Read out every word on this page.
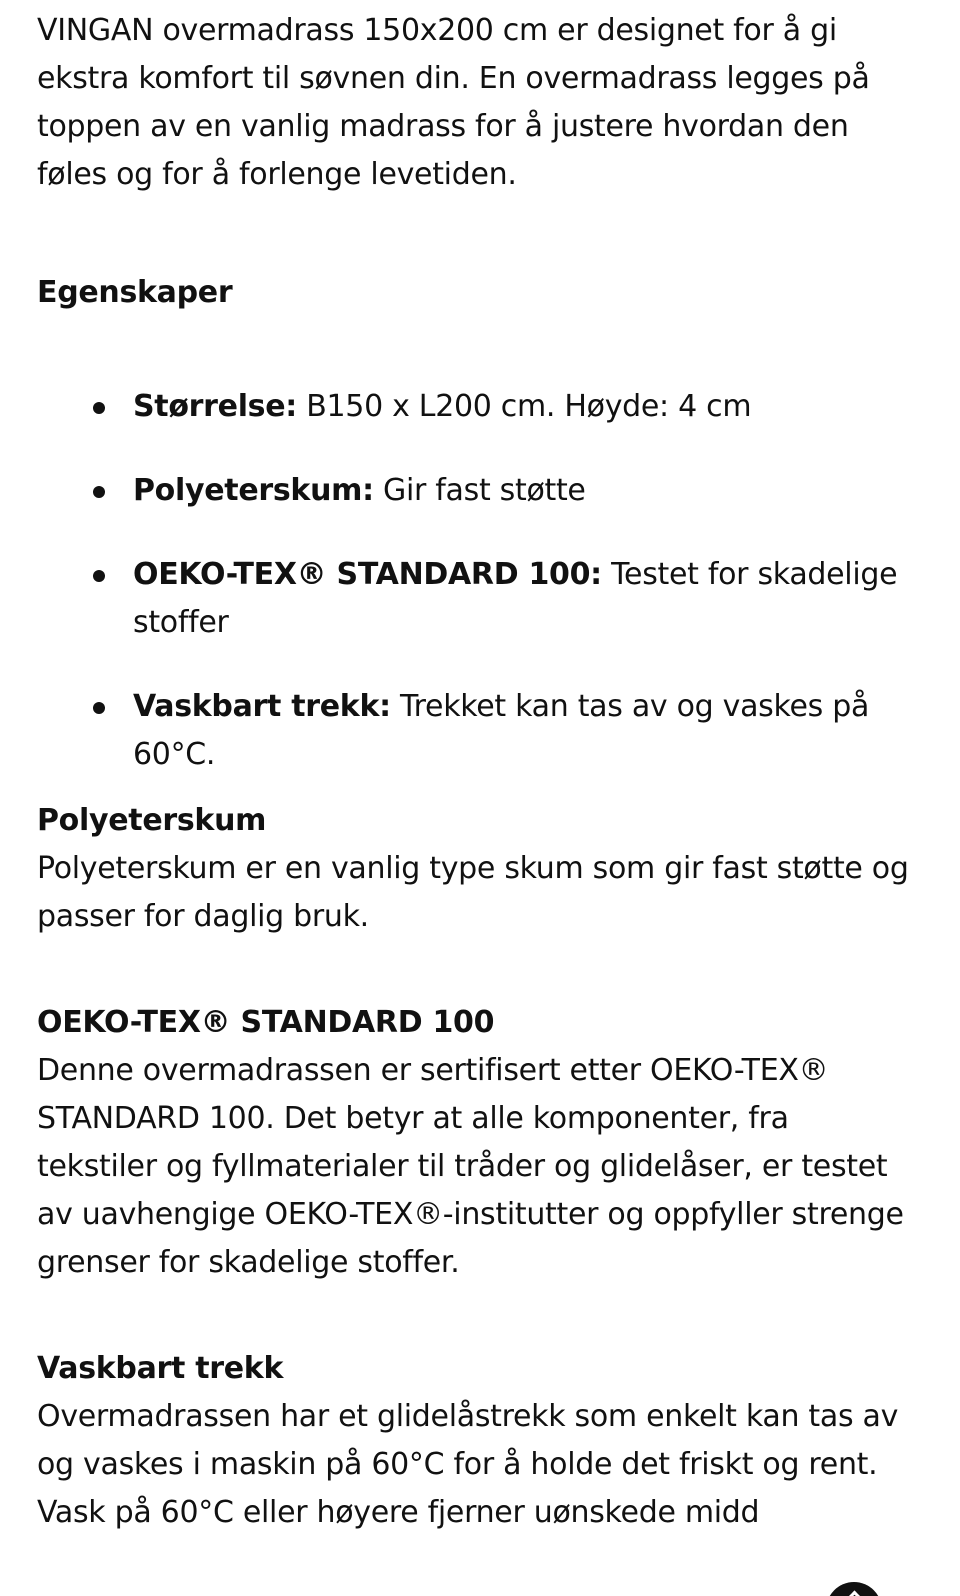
VINGAN overmadrass 150x200 cm er designet for å gi ekstra komfort til søvnen din. En overmadrass legges på toppen av en vanlig madrass for å justere hvordan den føles og for å forlenge levetiden.

Egenskaper
Størrelse: B150 x L200 cm. Høyde: 4 cm
Polyeterskum: Gir fast støtte
OEKO-TEX® STANDARD 100: Testet for skadelige stoffer
Vaskbart trekk: Trekket kan tas av og vaskes på 60°C.
Polyeterskum

Polyeterskum er en vanlig type skum som gir fast støtte og passer for daglig bruk.

OEKO-TEX® STANDARD 100

Denne overmadrassen er sertifisert etter OEKO-TEX® STANDARD 100. Det betyr at alle komponenter, fra tekstiler og fyllmaterialer til tråder og glidelåser, er testet av uavhengige OEKO-TEX®-institutter og oppfyller strenge grenser for skadelige stoffer.

Vaskbart trekk

Overmadrassen har et glidelåstrekk som enkelt kan tas av og vaskes i maskin på 60°C for å holde det friskt og rent. Vask på 60°C eller høyere fjerner uønskede midd
